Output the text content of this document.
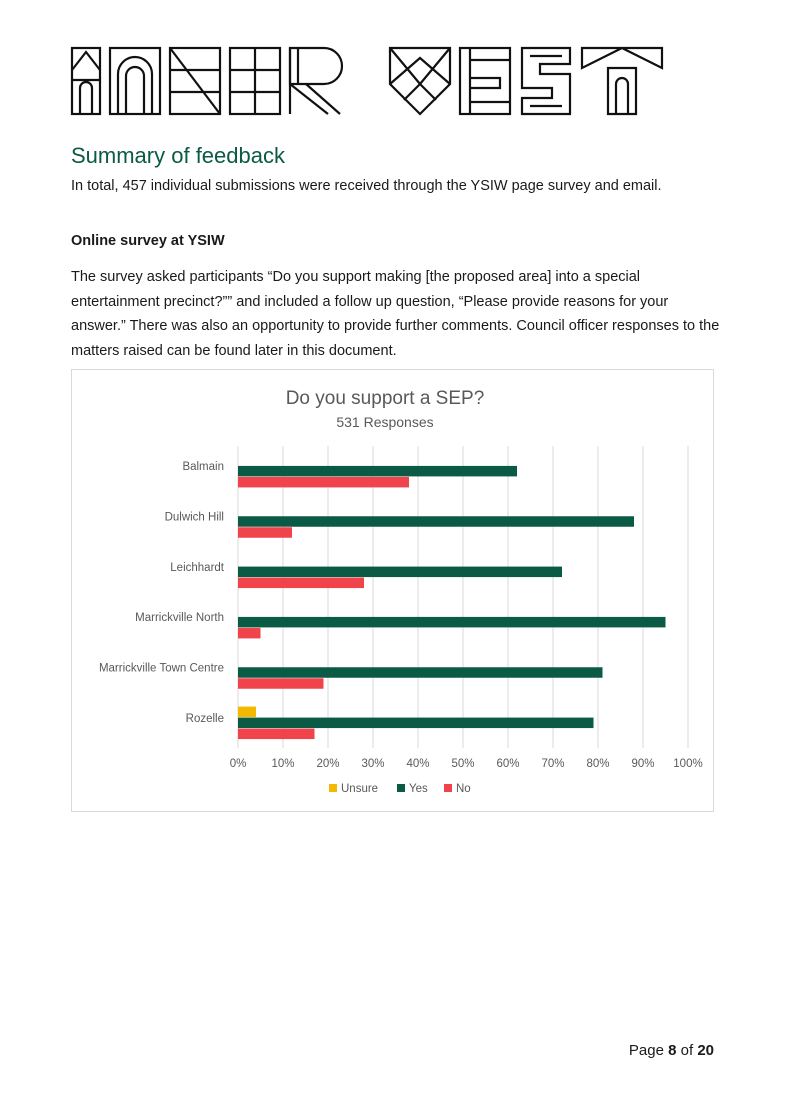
Summary of feedback

In total, 457 individual submissions were received through the YSIW page survey and email.

Online survey at YSIW

The survey asked participants “Do you support making [the proposed area] into a special entertainment precinct?”” and included a follow up question, “Please provide reasons for your answer.” There was also an opportunity to provide further comments. Council officer responses to the matters raised can be found later in this document.

Do you support a SEP?
531 Responses
Balmain
Dulwich Hill
Leichhardt
Marrickville North
Marrickville Town Centre
Rozelle
0% 10% 20% 30% 40% 50% 60% 70% 80% 90% 100%
Unsure	Yes No
Page 8 of 20
